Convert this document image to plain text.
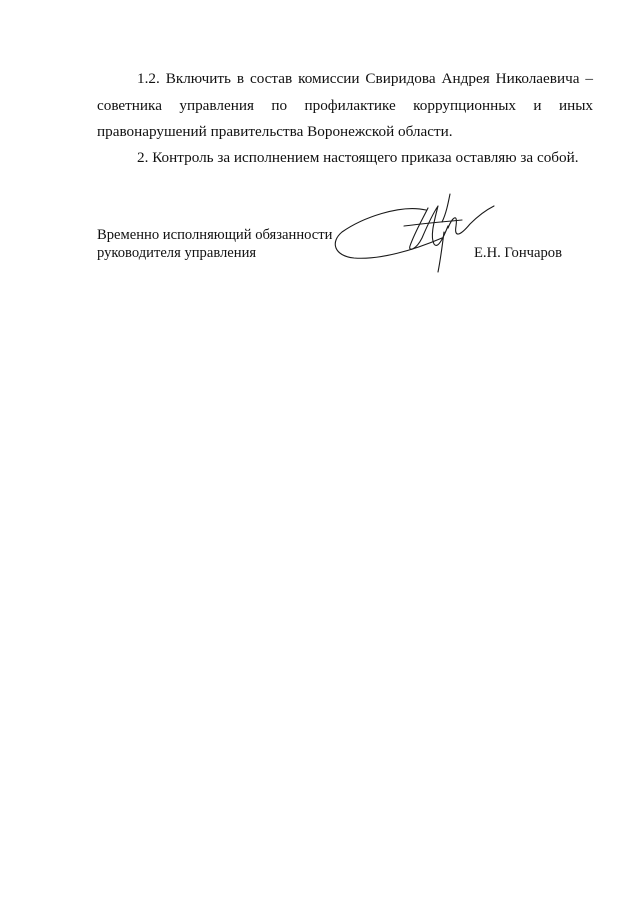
1.2. Включить в состав комиссии Свиридова Андрея Николаевича – советника управления по профилактике коррупционных и иных правонарушений правительства Воронежской области.

2. Контроль за исполнением настоящего приказа оставляю за собой.

Временно исполняющий обязанности
руководителя управления	Е.Н. Гончаров
